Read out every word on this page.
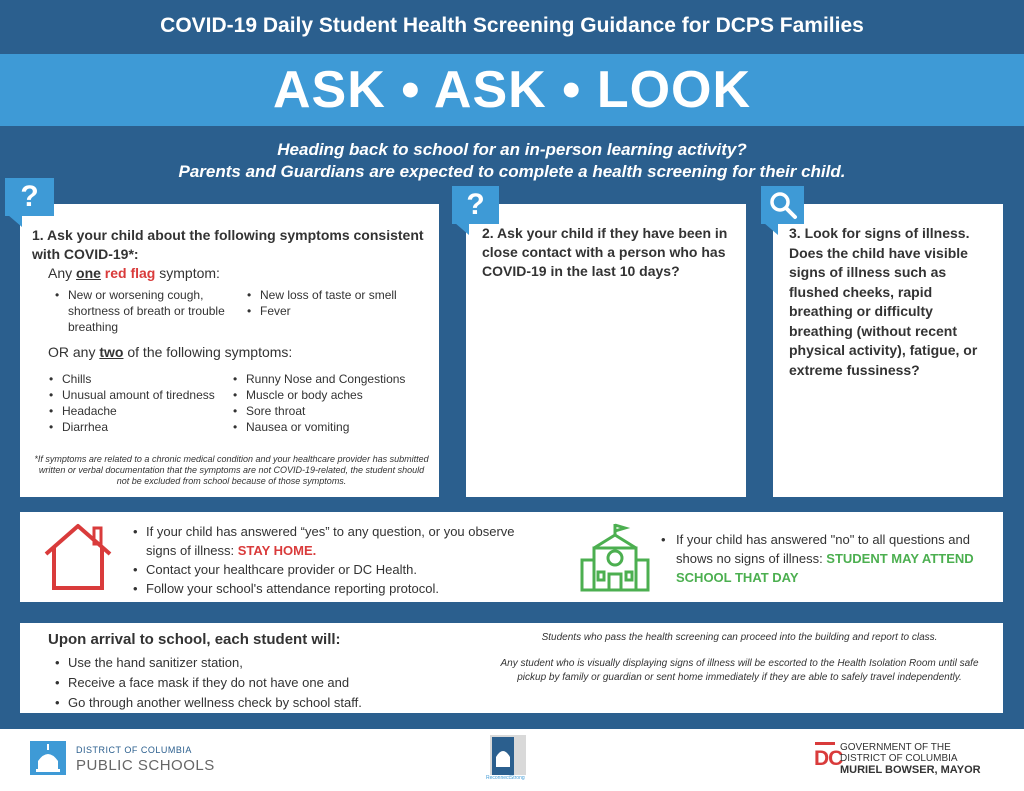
COVID-19 Daily Student Health Screening Guidance for DCPS Families
ASK • ASK • LOOK
Heading back to school for an in-person learning activity?
Parents and Guardians are expected to complete a health screening for their child.
1. Ask your child about the following symptoms consistent with COVID-19*:
Any one red flag symptom:
• New or worsening cough, shortness of breath or trouble breathing
• New loss of taste or smell
• Fever
OR any two of the following symptoms:
• Chills
• Unusual amount of tiredness
• Headache
• Diarrhea
• Runny Nose and Congestions
• Muscle or body aches
• Sore throat
• Nausea or vomiting
*If symptoms are related to a chronic medical condition and your healthcare provider has submitted written or verbal documentation that the symptoms are not COVID-19-related, the student should not be excluded from school because of those symptoms.
?
2. Ask your child if they have been in close contact with a person who has COVID-19 in the last 10 days?
?
3. Look for signs of illness. Does the child have visible signs of illness such as flushed cheeks, rapid breathing or difficulty breathing (without recent physical activity), fatigue, or extreme fussiness?
• If your child has answered “yes” to any question, or you observe signs of illness: STAY HOME.
• Contact your healthcare provider or DC Health.
• Follow your school's attendance reporting protocol.
• If your child has answered "no" to all questions and shows no signs of illness: STUDENT MAY ATTEND SCHOOL THAT DAY
Upon arrival to school, each student will:
• Use the hand sanitizer station,
• Receive a face mask if they do not have one and
• Go through another wellness check by school staff.
Students who pass the health screening can proceed into the building and report to class.
Any student who is visually displaying signs of illness will be escorted to the Health Isolation Room until safe pickup by family or guardian or sent home immediately if they are able to safely travel independently.
DISTRICT OF COLUMBIA
PUBLIC SCHOOLS
ReconnectStrong
DC
GOVERNMENT OF THE
DISTRICT OF COLUMBIA
MURIEL BOWSER, MAYOR
